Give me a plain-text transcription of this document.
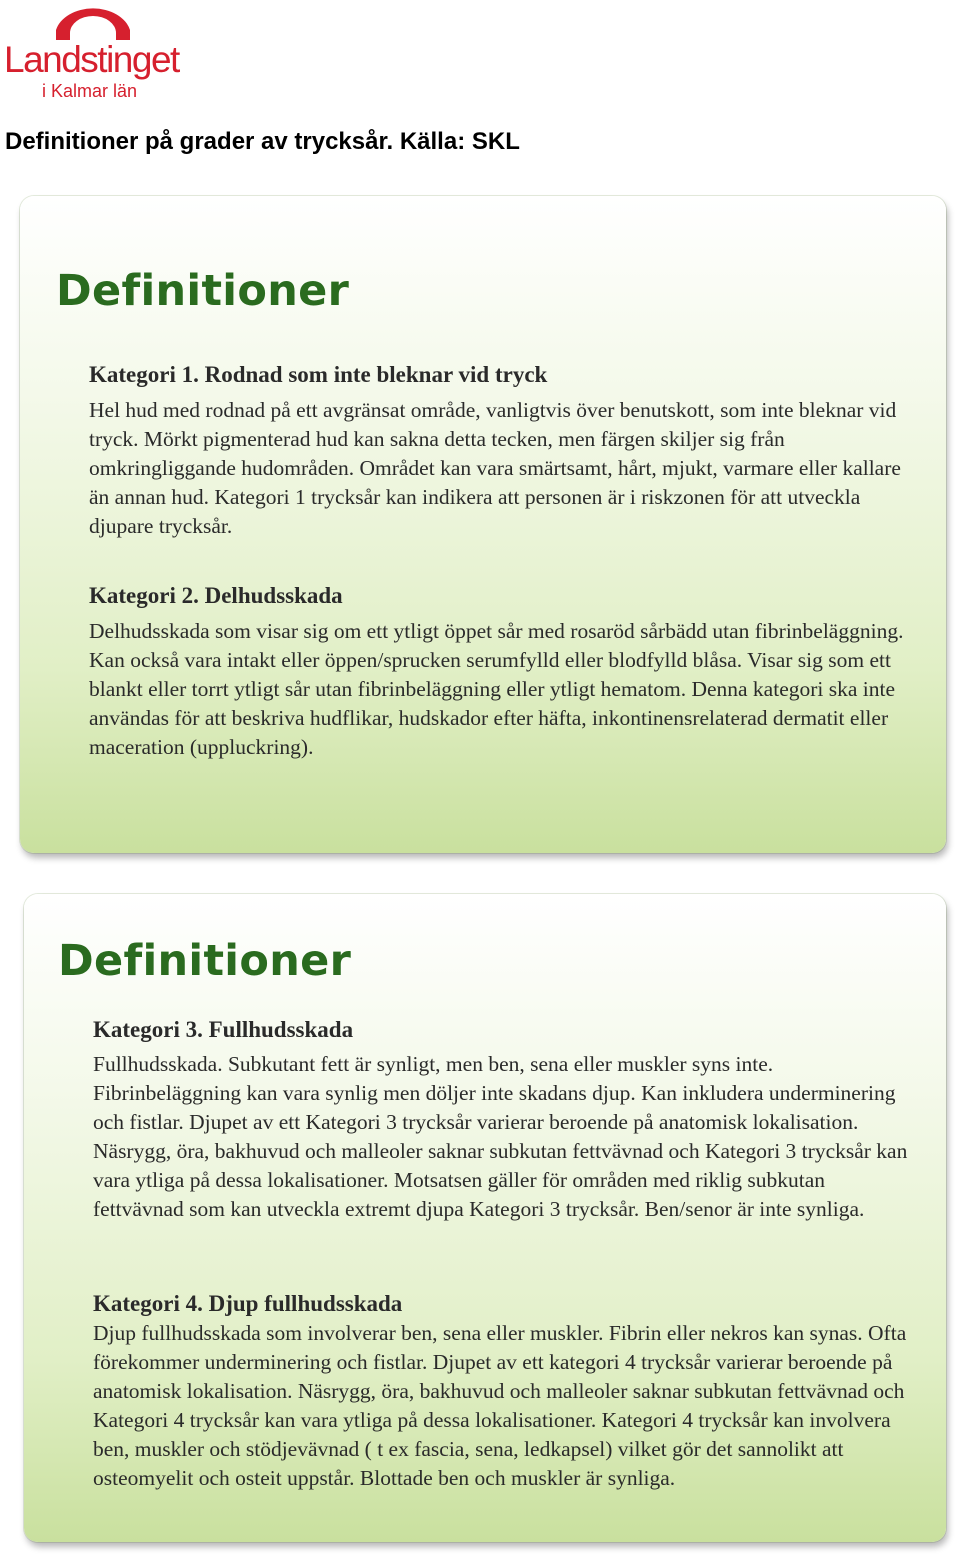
Landstinget
i Kalmar län
Definitioner på grader av trycksår. Källa: SKL
Definitioner
Kategori 1. Rodnad som inte bleknar vid tryck
Hel hud med rodnad på ett avgränsat område, vanligtvis över benutskott, som inte bleknar vid tryck. Mörkt pigmenterad hud kan sakna detta tecken, men färgen skiljer sig från omkringliggande hudområden. Området kan vara smärtsamt, hårt, mjukt, varmare eller kallare än annan hud. Kategori 1 trycksår kan indikera att personen är i riskzonen för att utveckla djupare trycksår.
Kategori 2. Delhudsskada
Delhudsskada som visar sig om ett ytligt öppet sår med rosaröd sårbädd utan fibrinbeläggning. Kan också vara intakt eller öppen/sprucken serumfylld eller blodfylld blåsa. Visar sig som ett blankt eller torrt ytligt sår utan fibrinbeläggning eller ytligt hematom. Denna kategori ska inte användas för att beskriva hudflikar, hudskador efter häfta, inkontinensrelaterad dermatit eller maceration (uppluckring).
Definitioner
Kategori 3. Fullhudsskada
Fullhudsskada. Subkutant fett är synligt, men ben, sena eller muskler syns inte. Fibrinbeläggning kan vara synlig men döljer inte skadans djup. Kan inkludera underminering och fistlar. Djupet av ett Kategori 3 trycksår varierar beroende på anatomisk lokalisation. Näsrygg, öra, bakhuvud och malleoler saknar subkutan fettvävnad och Kategori 3 trycksår kan vara ytliga på dessa lokalisationer. Motsatsen gäller för områden med riklig subkutan fettvävnad som kan utveckla extremt djupa Kategori 3 trycksår. Ben/senor är inte synliga.
Kategori 4. Djup fullhudsskada
Djup fullhudsskada som involverar ben, sena eller muskler. Fibrin eller nekros kan synas. Ofta förekommer underminering och fistlar. Djupet av ett kategori 4 trycksår varierar beroende på anatomisk lokalisation. Näsrygg, öra, bakhuvud och malleoler saknar subkutan fettvävnad och Kategori 4 trycksår kan vara ytliga på dessa lokalisationer. Kategori 4 trycksår kan involvera ben, muskler och stödjevävnad ( t ex fascia, sena, ledkapsel) vilket gör det sannolikt att osteomyelit och osteit uppstår. Blottade ben och muskler är synliga.
